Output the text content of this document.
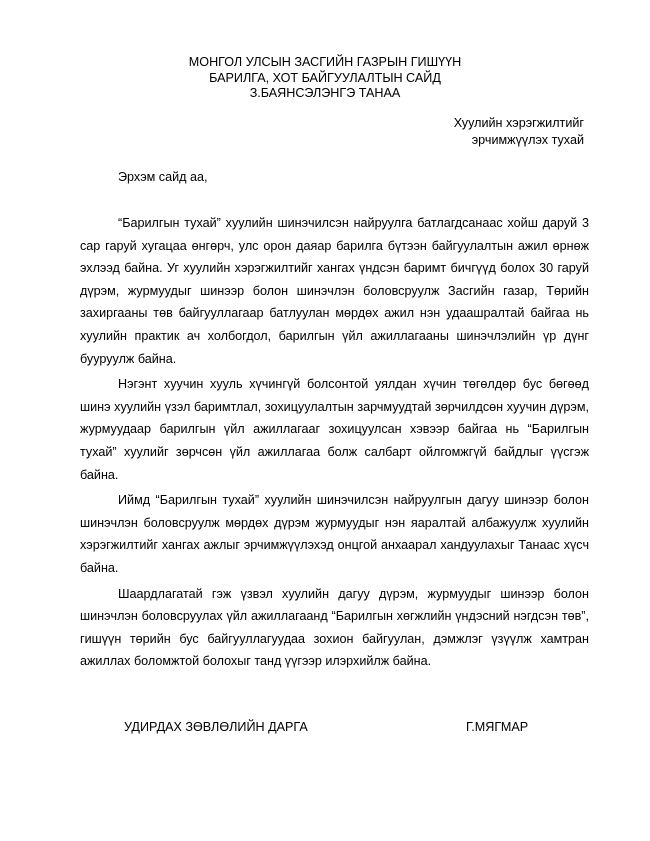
МОНГОЛ УЛСЫН ЗАСГИЙН ГАЗРЫН ГИШҮҮН
БАРИЛГА, ХОТ БАЙГУУЛАЛТЫН САЙД
З.БАЯНСЭЛЭНГЭ ТАНАА
Хуулийн хэрэгжилтийг
эрчимжүүлэх тухай
Эрхэм сайд аа,

“Барилгын тухай” хуулийн шинэчилсэн найруулга батлагдсанаас хойш даруй 3 сар гаруй хугацаа өнгөрч, улс орон даяар барилга бүтээн байгуулалтын ажил өрнөж эхлээд байна. Уг хуулийн хэрэгжилтийг хангах үндсэн баримт бичгүүд болох 30 гаруй дүрэм, журмуудыг шинээр болон шинэчлэн боловсруулж Засгийн газар, Төрийн захиргааны төв байгууллагаар батлуулан мөрдөх ажил нэн удаашралтай байгаа нь хуулийн практик ач холбогдол, барилгын үйл ажиллагааны шинэчлэлийн үр дүнг бууруулж байна.

Нэгэнт хуучин хууль хүчингүй болсонтой уялдан хүчин төгөлдөр бус бөгөөд шинэ хуулийн үзэл баримтлал, зохицуулалтын зарчмуудтай зөрчилдсөн хуучин дүрэм, журмуудаар барилгын үйл ажиллагааг зохицуулсан хэвээр байгаа нь “Барилгын тухай” хуулийг зөрчсөн үйл ажиллагаа болж салбарт ойлгомжгүй байдлыг үүсгэж байна.

Иймд “Барилгын тухай” хуулийн шинэчилсэн найруулгын дагуу шинээр болон шинэчлэн боловсруулж мөрдөх дүрэм журмуудыг нэн яаралтай албажуулж хуулийн хэрэгжилтийг хангах ажлыг эрчимжүүлэхэд онцгой анхаарал хандуулахыг Танаас хүсч байна.

Шаардлагатай гэж үзвэл хуулийн дагуу дүрэм, журмуудыг шинээр болон шинэчлэн боловсруулах үйл ажиллагаанд “Барилгын хөгжлийн үндэсний нэгдсэн төв”, гишүүн төрийн бус байгууллагуудаа зохион байгуулан, дэмжлэг үзүүлж хамтран ажиллах боломжтой болохыг танд үүгээр илэрхийлж байна.

УДИРДАХ ЗӨВЛӨЛИЙН ДАРГА	Г.МЯГМАР
